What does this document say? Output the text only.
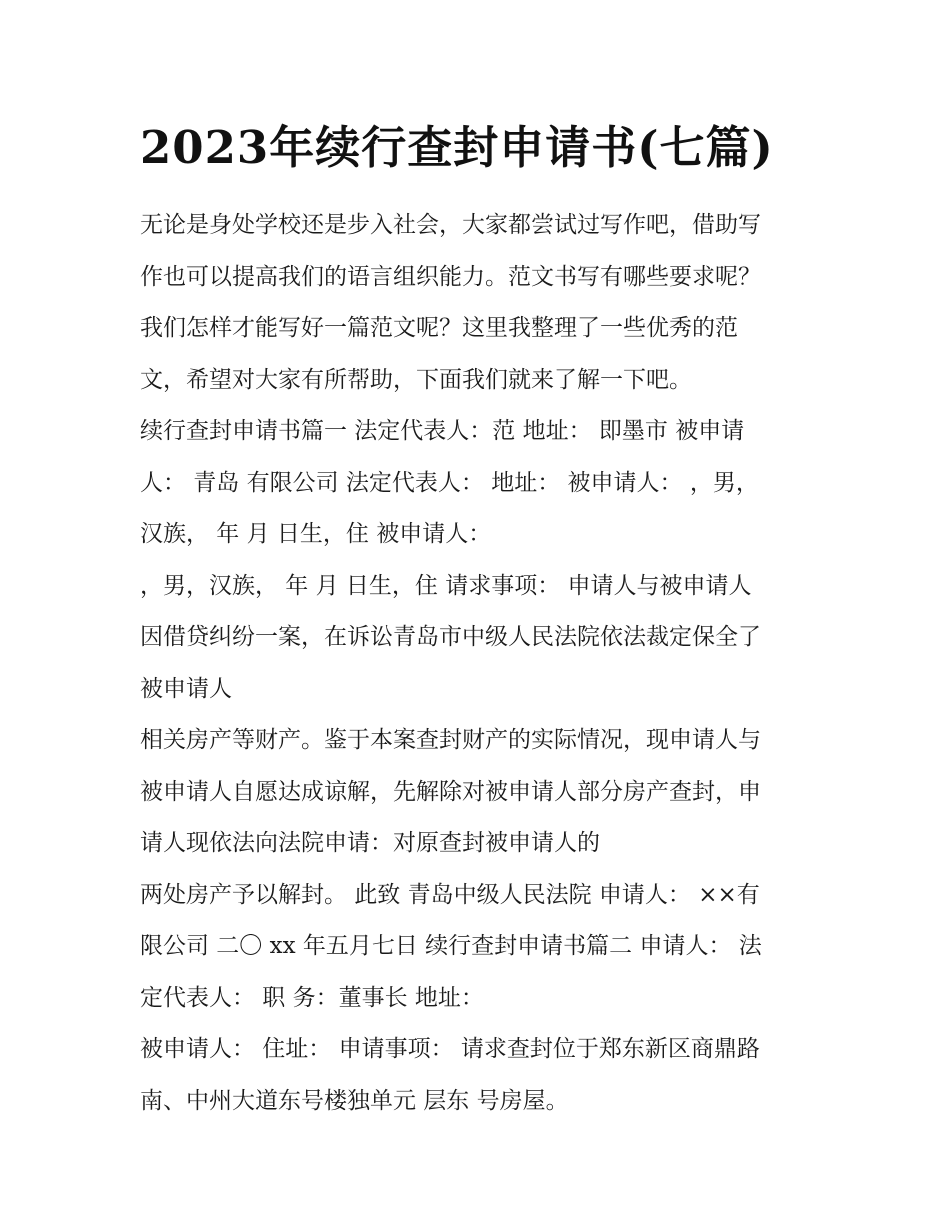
2023年续行查封申请书(七篇)

无论是身处学校还是步入社会，大家都尝试过写作吧，借助写

作也可以提高我们的语言组织能力。范文书写有哪些要求呢？

我们怎样才能写好一篇范文呢？这里我整理了一些优秀的范

文，希望对大家有所帮助，下面我们就来了解一下吧。

续行查封申请书篇一 法定代表人：范 地址： 即墨市 被申请

人： 青岛 有限公司 法定代表人： 地址： 被申请人： ，男，

汉族， 年 月 日生，住 被申请人：

，男，汉族， 年 月 日生，住 请求事项： 申请人与被申请人

因借贷纠纷一案，在诉讼青岛市中级人民法院依法裁定保全了

被申请人

相关房产等财产。鉴于本案查封财产的实际情况，现申请人与

被申请人自愿达成谅解，先解除对被申请人部分房产查封，申

请人现依法向法院申请：对原查封被申请人的

两处房产予以解封。 此致 青岛中级人民法院 申请人： ××有

限公司 二〇 xx 年五月七日 续行查封申请书篇二 申请人： 法

定代表人： 职 务：董事长 地址：

被申请人： 住址： 申请事项： 请求查封位于郑东新区商鼎路

南、中州大道东号楼独单元 层东 号房屋。
